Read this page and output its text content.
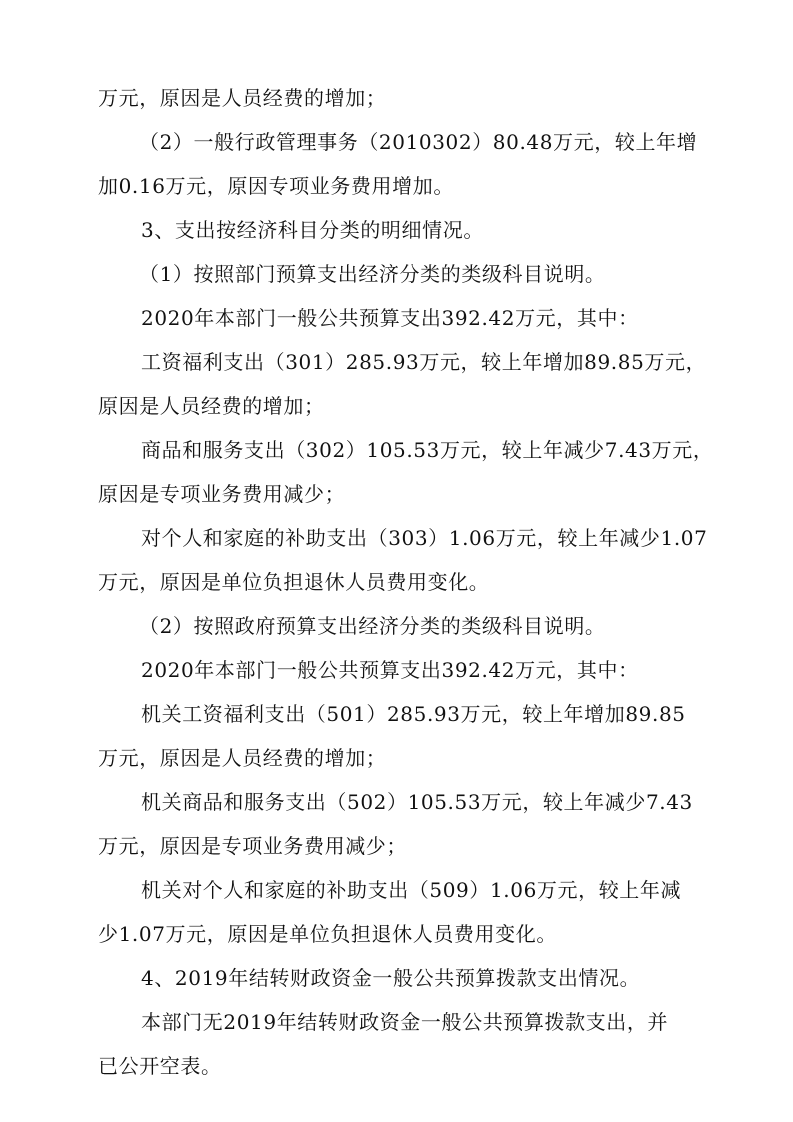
万元，原因是人员经费的增加；
（2）一般行政管理事务（2010302）80.48万元，较上年增
加0.16万元，原因专项业务费用增加。
3、支出按经济科目分类的明细情况。
（1）按照部门预算支出经济分类的类级科目说明。
2020年本部门一般公共预算支出392.42万元，其中：
工资福利支出（301）285.93万元，较上年增加89.85万元，
原因是人员经费的增加；
商品和服务支出（302）105.53万元，较上年减少7.43万元，
原因是专项业务费用减少；
对个人和家庭的补助支出（303）1.06万元，较上年减少1.07
万元，原因是单位负担退休人员费用变化。
（2）按照政府预算支出经济分类的类级科目说明。
2020年本部门一般公共预算支出392.42万元，其中：
机关工资福利支出（501）285.93万元，较上年增加89.85
万元，原因是人员经费的增加；
机关商品和服务支出（502）105.53万元，较上年减少7.43
万元，原因是专项业务费用减少；
机关对个人和家庭的补助支出（509）1.06万元，较上年减
少1.07万元，原因是单位负担退休人员费用变化。
4、2019年结转财政资金一般公共预算拨款支出情况。
本部门无2019年结转财政资金一般公共预算拨款支出，并
已公开空表。
